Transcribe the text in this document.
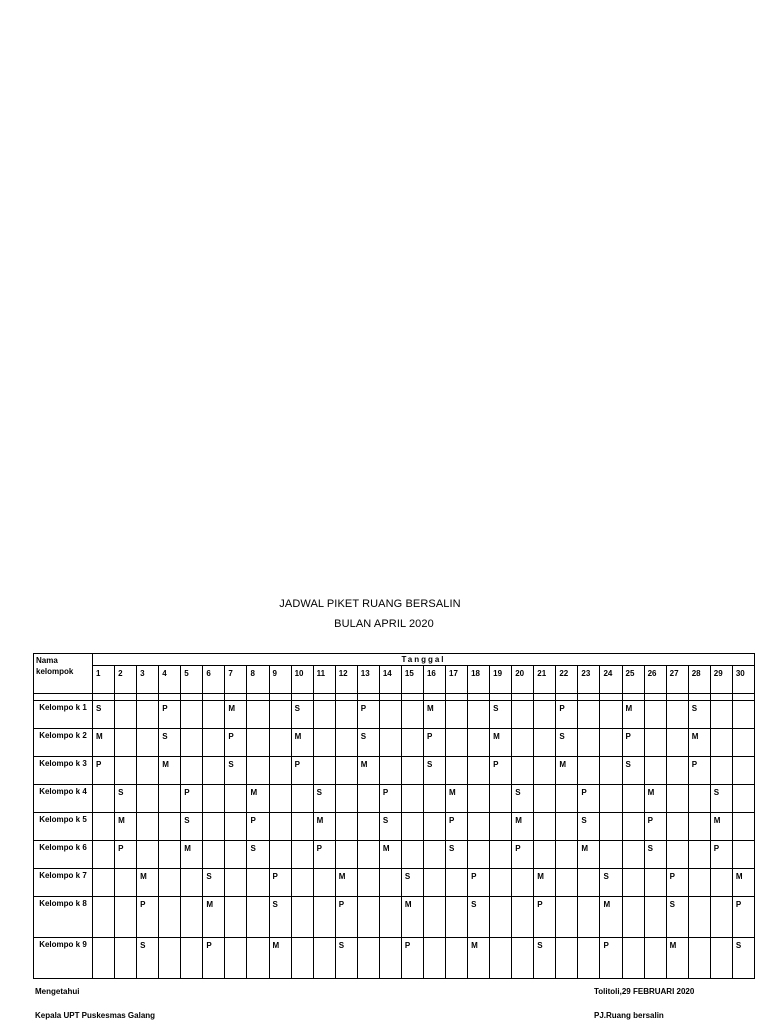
JADWAL PIKET RUANG BERSALIN
BULAN APRIL 2020
Nama kelompok	Tanggal																													
	1	2	3	4	5	6	7	8	9	10	11	12	13	14	15	16	17	18	19	20	21	22	23	24	25	26	27	28	29	30

Kelompo k 1	S			P			M			S			P			M			S			P			M			S		
Kelompo k 2	M			S			P			M			S			P			M			S			P			M		
Kelompo k 3	P			M			S			P			M			S			P			M			S			P		
Kelompo k 4		S			P			M			S			P			M			S			P			M			S	
Kelompo k 5		M			S			P			M			S			P			M			S			P			M	
Kelompo k 6		P			M			S			P			M			S			P			M			S			P	
Kelompo k 7			M			S			P			M			S			P			M			S			P			M
Kelompo k 8			P			M			S			P			M			S			P			M			S			P
Kelompo k 9			S			P			M			S			P			M			S			P			M			S
Mengetahui
Kepala UPT Puskesmas Galang
Tolitoli,29 FEBRUARI 2020
PJ.Ruang bersalin
